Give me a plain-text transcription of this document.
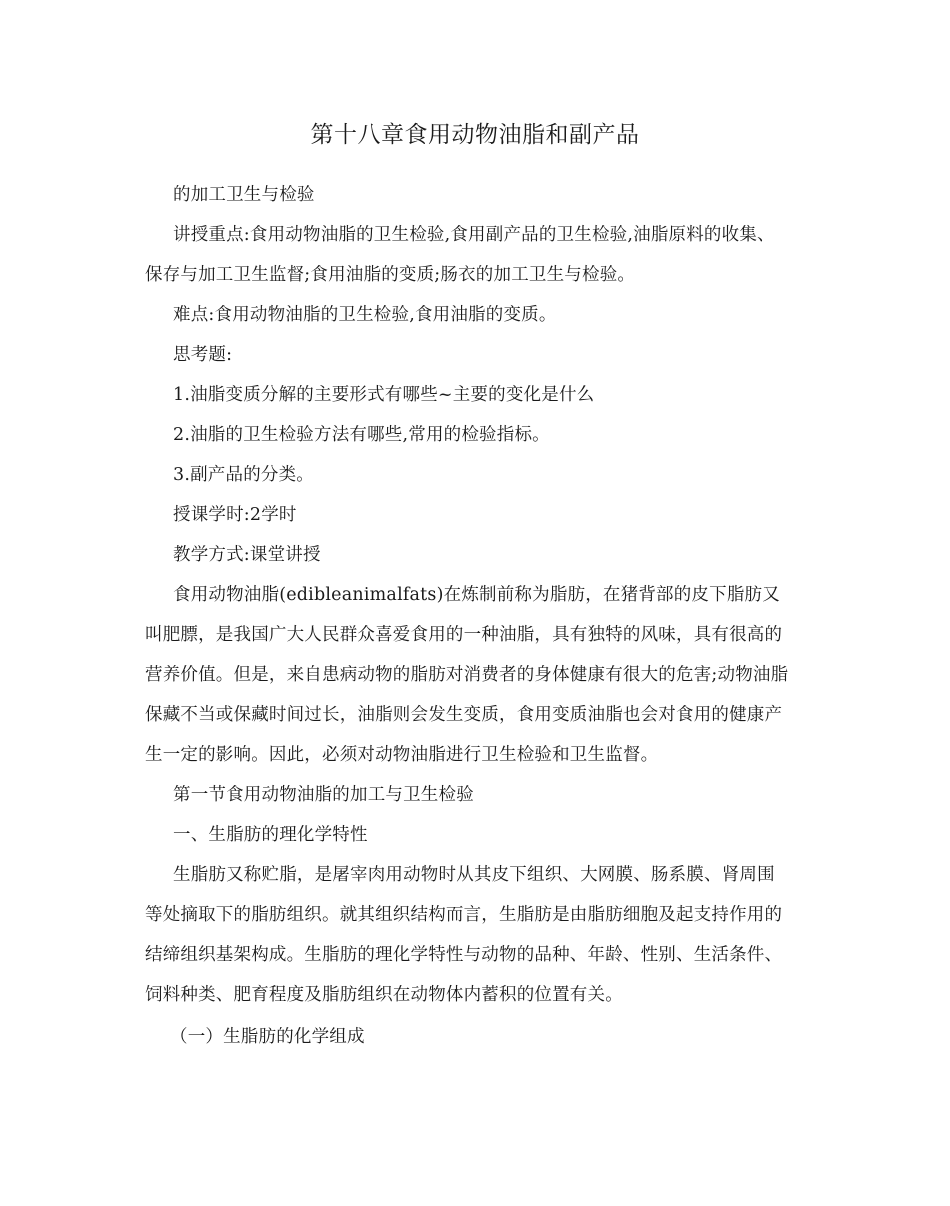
第十八章食用动物油脂和副产品
的加工卫生与检验
讲授重点:食用动物油脂的卫生检验,食用副产品的卫生检验,油脂原料的收集、
保存与加工卫生监督;食用油脂的变质;肠衣的加工卫生与检验。
难点:食用动物油脂的卫生检验,食用油脂的变质。
思考题:
1.油脂变质分解的主要形式有哪些~主要的变化是什么
2.油脂的卫生检验方法有哪些,常用的检验指标。
3.副产品的分类。
授课学时:2学时
教学方式:课堂讲授
食用动物油脂(edibleanimalfats)在炼制前称为脂肪，在猪背部的皮下脂肪又
叫肥膘，是我国广大人民群众喜爱食用的一种油脂，具有独特的风味，具有很高的
营养价值。但是，来自患病动物的脂肪对消费者的身体健康有很大的危害;动物油脂
保藏不当或保藏时间过长，油脂则会发生变质，食用变质油脂也会对食用的健康产
生一定的影响。因此，必须对动物油脂进行卫生检验和卫生监督。
第一节食用动物油脂的加工与卫生检验
一、生脂肪的理化学特性
生脂肪又称贮脂，是屠宰肉用动物时从其皮下组织、大网膜、肠系膜、肾周围
等处摘取下的脂肪组织。就其组织结构而言，生脂肪是由脂肪细胞及起支持作用的
结缔组织基架构成。生脂肪的理化学特性与动物的品种、年龄、性别、生活条件、
饲料种类、肥育程度及脂肪组织在动物体内蓄积的位置有关。
（一）生脂肪的化学组成
